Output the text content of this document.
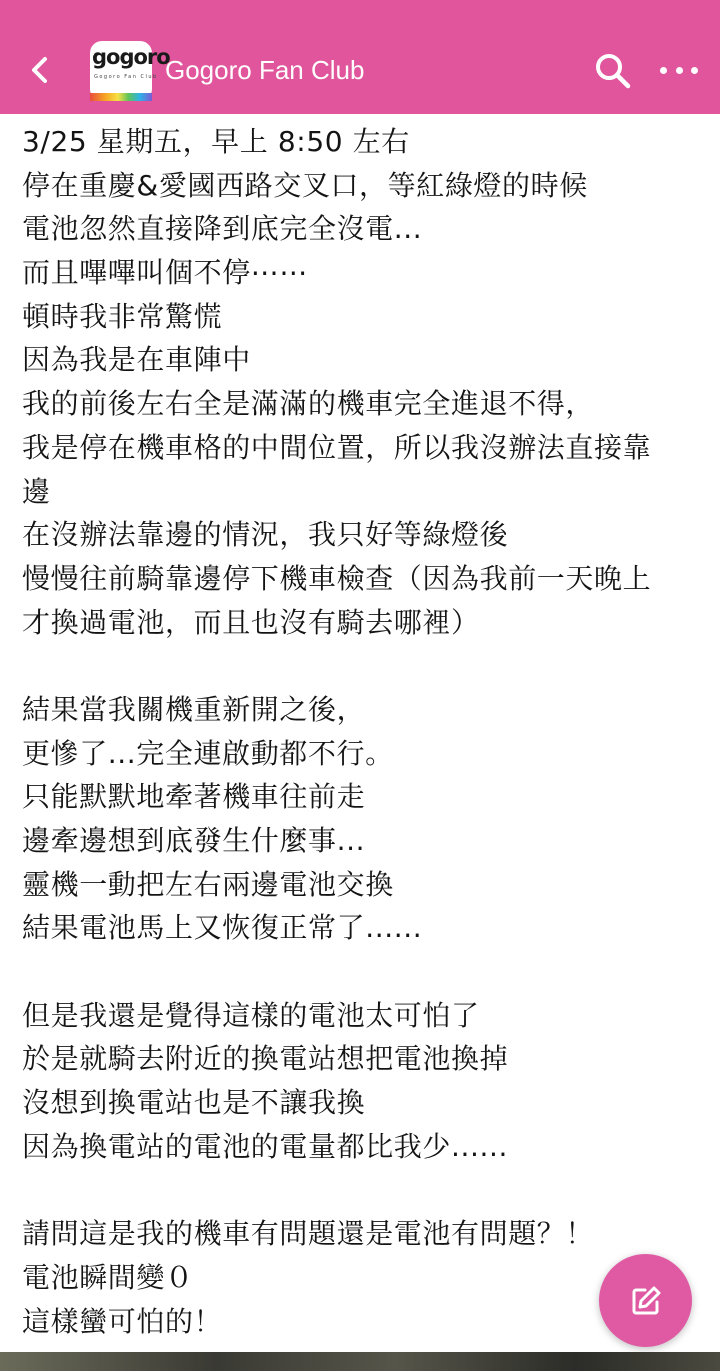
gogoro
Gogoro Fan Club Gogoro Fan Club
3/25 星期五，早上 8:50 左右
停在重慶&愛國西路交叉口，等紅綠燈的時候
電池忽然直接降到底完全沒電...
而且嗶嗶叫個不停⋯⋯
頓時我非常驚慌
因為我是在車陣中
我的前後左右全是滿滿的機車完全進退不得，
我是停在機車格的中間位置，所以我沒辦法直接靠
邊
在沒辦法靠邊的情況，我只好等綠燈後
慢慢往前騎靠邊停下機車檢查（因為我前一天晚上
才換過電池，而且也沒有騎去哪裡）
結果當我關機重新開之後，
更慘了...完全連啟動都不行。
只能默默地牽著機車往前走
邊牽邊想到底發生什麼事...
靈機一動把左右兩邊電池交換
結果電池馬上又恢復正常了......
但是我還是覺得這樣的電池太可怕了
於是就騎去附近的換電站想把電池換掉
沒想到換電站也是不讓我換
因為換電站的電池的電量都比我少......
請問這是我的機車有問題還是電池有問題？！
電池瞬間變０
這樣蠻可怕的！
